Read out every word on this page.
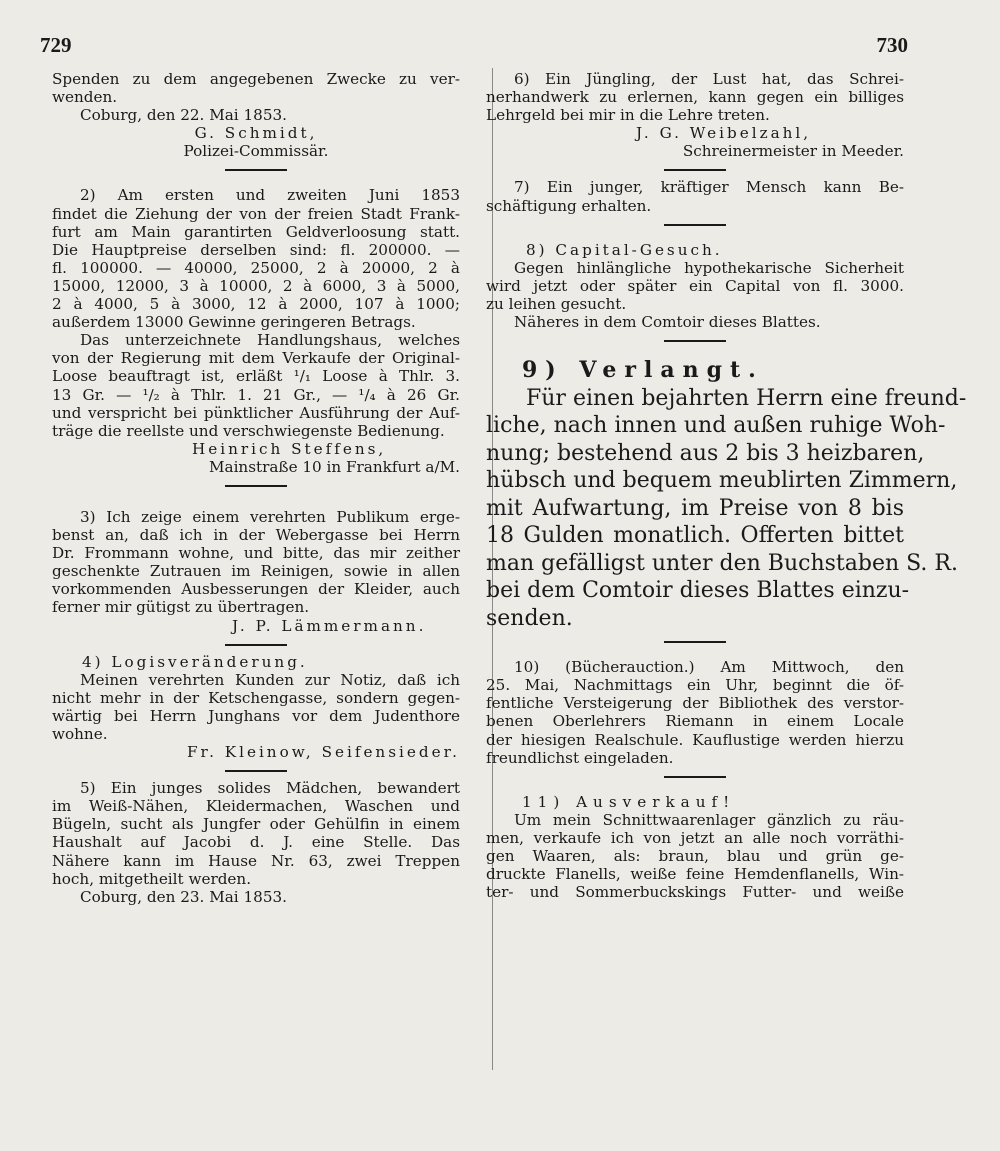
729	730
Spenden zu dem angegebenen Zwecke zu ver-
wenden.
Coburg, den 22. Mai 1853.
G. Schmidt,
Polizei-Commissär.
2) Am ersten und zweiten Juni 1853
findet die Ziehung der von der freien Stadt Frank-
furt am Main garantirten Geldverloosung statt.
Die Hauptpreise derselben sind: fl. 200000. —
fl. 100000. — 40000, 25000, 2 à 20000, 2 à
15000, 12000, 3 à 10000, 2 à 6000, 3 à 5000,
2 à 4000, 5 à 3000, 12 à 2000, 107 à 1000;
außerdem 13000 Gewinne geringeren Betrags.
Das unterzeichnete Handlungshaus, welches
von der Regierung mit dem Verkaufe der Original-
Loose beauftragt ist, erläßt ¹/₁ Loose à Thlr. 3.
13 Gr. — ¹/₂ à Thlr. 1. 21 Gr., — ¹/₄ à 26 Gr.
und verspricht bei pünktlicher Ausführung der Auf-
träge die reellste und verschwiegenste Bedienung.
Heinrich Steffens,
Mainstraße 10 in Frankfurt a/M.
3) Ich zeige einem verehrten Publikum erge-
benst an, daß ich in der Webergasse bei Herrn
Dr. Frommann wohne, und bitte, das mir zeither
geschenkte Zutrauen im Reinigen, sowie in allen
vorkommenden Ausbesserungen der Kleider, auch
ferner mir gütigst zu übertragen.
J. P. Lämmermann.
4) Logisveränderung.
Meinen verehrten Kunden zur Notiz, daß ich
nicht mehr in der Ketschengasse, sondern gegen-
wärtig bei Herrn Junghans vor dem Judenthore
wohne.
Fr. Kleinow, Seifensieder.
5) Ein junges solides Mädchen, bewandert
im Weiß-Nähen, Kleidermachen, Waschen und
Bügeln, sucht als Jungfer oder Gehülfin in einem
Haushalt auf Jacobi d. J. eine Stelle. Das
Nähere kann im Hause Nr. 63, zwei Treppen
hoch, mitgetheilt werden.
Coburg, den 23. Mai 1853.
6) Ein Jüngling, der Lust hat, das Schrei-
nerhandwerk zu erlernen, kann gegen ein billiges
Lehrgeld bei mir in die Lehre treten.
J. G. Weibelzahl,
Schreinermeister in Meeder.
7) Ein junger, kräftiger Mensch kann Be-
schäftigung erhalten.
8) Capital-Gesuch.
Gegen hinlängliche hypothekarische Sicherheit
wird jetzt oder später ein Capital von fl. 3000.
zu leihen gesucht.
Näheres in dem Comtoir dieses Blattes.
9) Verlangt.
Für einen bejahrten Herrn eine freund-
liche, nach innen und außen ruhige Woh-
nung; bestehend aus 2 bis 3 heizbaren,
hübsch und bequem meublirten Zimmern,
mit Aufwartung, im Preise von 8 bis
18 Gulden monatlich. Offerten bittet
man gefälligst unter den Buchstaben S. R.
bei dem Comtoir dieses Blattes einzu-
senden.
10) (Bücherauction.) Am Mittwoch, den
25. Mai, Nachmittags ein Uhr, beginnt die öf-
fentliche Versteigerung der Bibliothek des verstor-
benen Oberlehrers Riemann in einem Locale
der hiesigen Realschule. Kauflustige werden hierzu
freundlichst eingeladen.
11) Ausverkauf!
Um mein Schnittwaarenlager gänzlich zu räu-
men, verkaufe ich von jetzt an alle noch vorräthi-
gen Waaren, als: braun, blau und grün ge-
druckte Flanells, weiße feine Hemdenflanells, Win-
ter- und Sommerbuckskings Futter- und weiße
